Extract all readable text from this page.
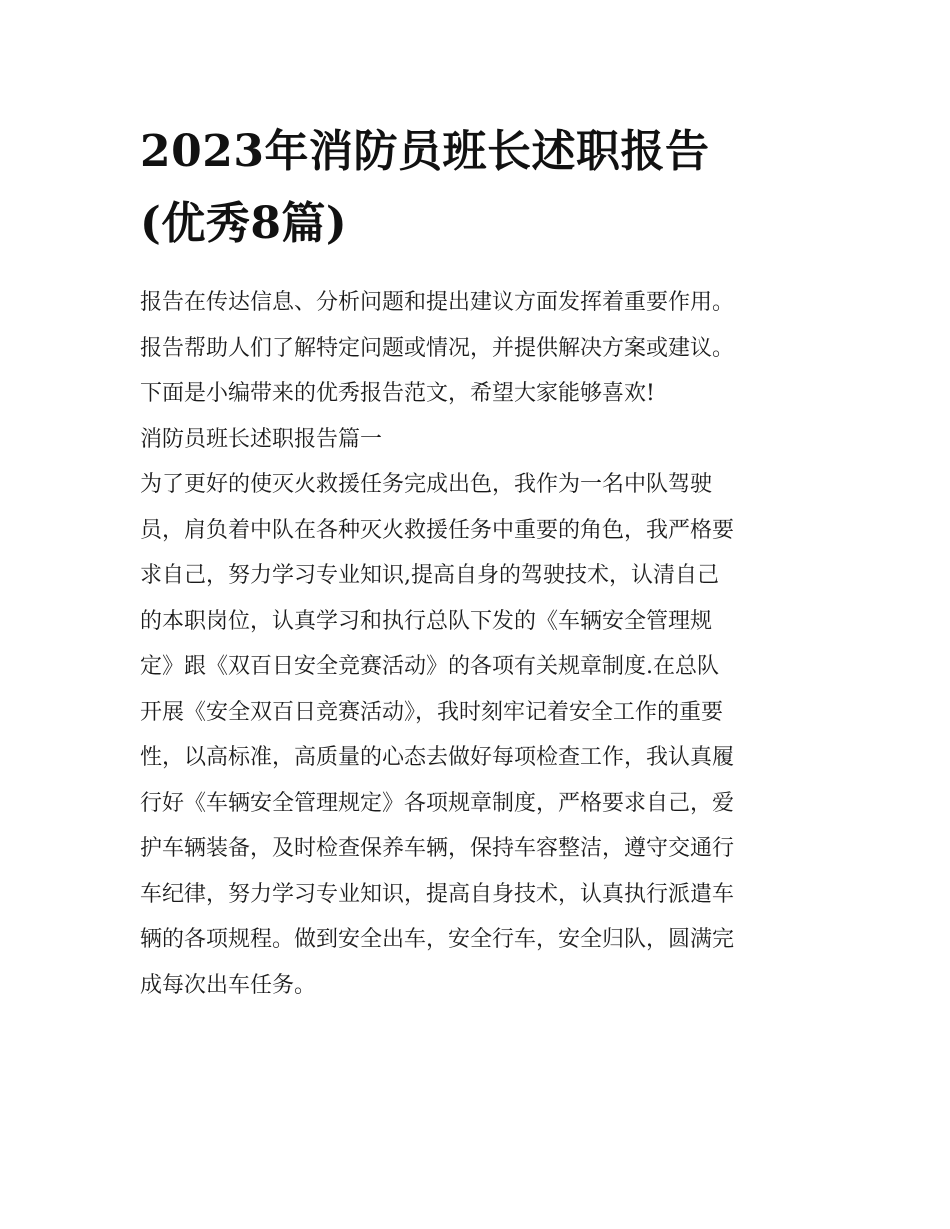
2023年消防员班长述职报告
(优秀8篇)
报告在传达信息、分析问题和提出建议方面发挥着重要作用。
报告帮助人们了解特定问题或情况，并提供解决方案或建议。
下面是小编带来的优秀报告范文，希望大家能够喜欢!
消防员班长述职报告篇一
为了更好的使灭火救援任务完成出色，我作为一名中队驾驶
员，肩负着中队在各种灭火救援任务中重要的角色，我严格要
求自己，努力学习专业知识,提高自身的驾驶技术，认清自己
的本职岗位，认真学习和执行总队下发的《车辆安全管理规
定》跟《双百日安全竞赛活动》的各项有关规章制度.在总队
开展《安全双百日竞赛活动》，我时刻牢记着安全工作的重要
性，以高标准，高质量的心态去做好每项检查工作，我认真履
行好《车辆安全管理规定》各项规章制度，严格要求自己，爱
护车辆装备，及时检查保养车辆，保持车容整洁，遵守交通行
车纪律，努力学习专业知识，提高自身技术，认真执行派遣车
辆的各项规程。做到安全出车，安全行车，安全归队，圆满完
成每次出车任务。
